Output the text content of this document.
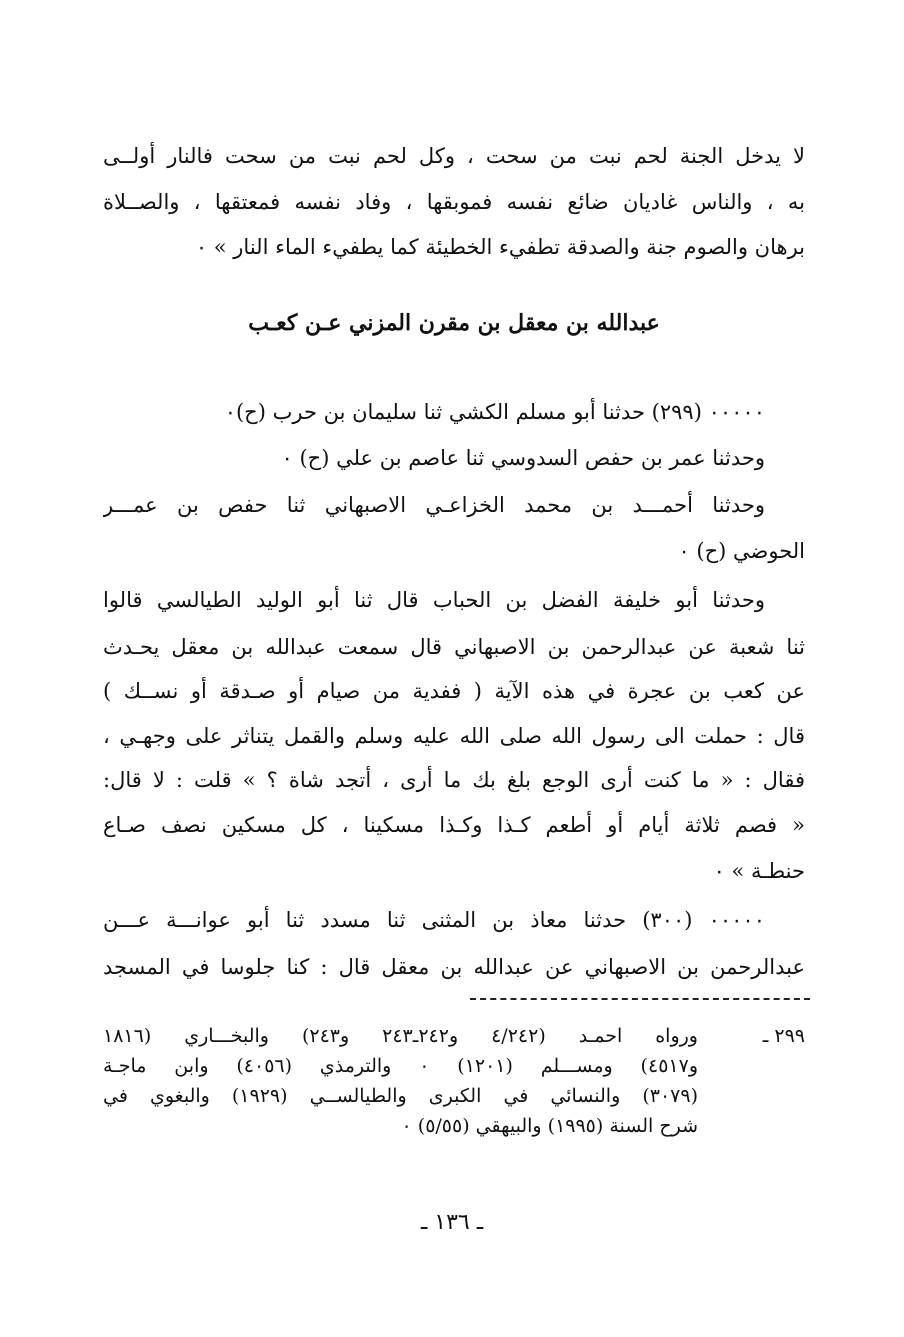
لا يدخل الجنة لحم نبت من سحت ، وكل لحم نبت من سحت فالنار أولــى
به ، والناس غاديان ضائع نفسه فموبقها ، وفاد نفسه فمعتقها ، والصــلاة
برهان والصوم جنة والصدقة تطفيء الخطيئة كما يطفيء الماء النار » ٠
عبدالله بن معقل بن مقرن المزني عـن كعـب
٠٠٠٠٠ (٢٩٩) حدثنا أبو مسلم الكشي ثنا سليمان بن حرب (ح)٠
وحدثنا عمر بن حفص السدوسي ثنا عاصم بن علي (ح) ٠
وحدثنا أحمـــد بن محمد الخزاعـي الاصبهاني ثنا حفص بن عمـــر
الحوضي (ح) ٠
وحدثنا أبو خليفة الفضل بن الحباب قال ثنا أبو الوليد الطيالسي قالوا
ثنا شعبة عن عبدالرحمن بن الاصبهاني قال سمعت عبدالله بن معقل يحـدث
عن كعب بن عجرة في هذه الآية ( ففدية من صيام أو صـدقة أو نســك )
قال : حملت الى رسول الله صلى الله عليه وسلم والقمل يتناثر على وجهـي ،
فقال : « ما كنت أرى الوجع بلغ بك ما أرى ، أتجد شاة ؟ » قلت : لا قال:
« فصم ثلاثة أيام أو أطعم كـذا وكـذا مسكينا ، كل مسكين نصف صـاع
حنطـة » ٠
٠٠٠٠٠ (٣٠٠) حدثنا معاذ بن المثنى ثنا مسدد ثنا أبو عوانـــة عـــن
عبدالرحمن بن الاصبهاني عن عبدالله بن معقل قال : كنا جلوسا في المسجد
٢٩٩ ـ
ورواه احمـد (٤/٢٤٢ و٢٤٢ـ٢٤٣ و٢٤٣) والبخـــاري (١٨١٦
و٤٥١٧) ومســـلم (١٢٠١) ٠ والترمذي (٤٠٥٦) وابن ماجـة
(٣٠٧٩) والنسائي في الكبرى والطيالســي (١٩٢٩) والبغوي في
شرح السنة (١٩٩٥) والبيهقي (٥/٥٥) ٠
ـ ١٣٦ ـ
